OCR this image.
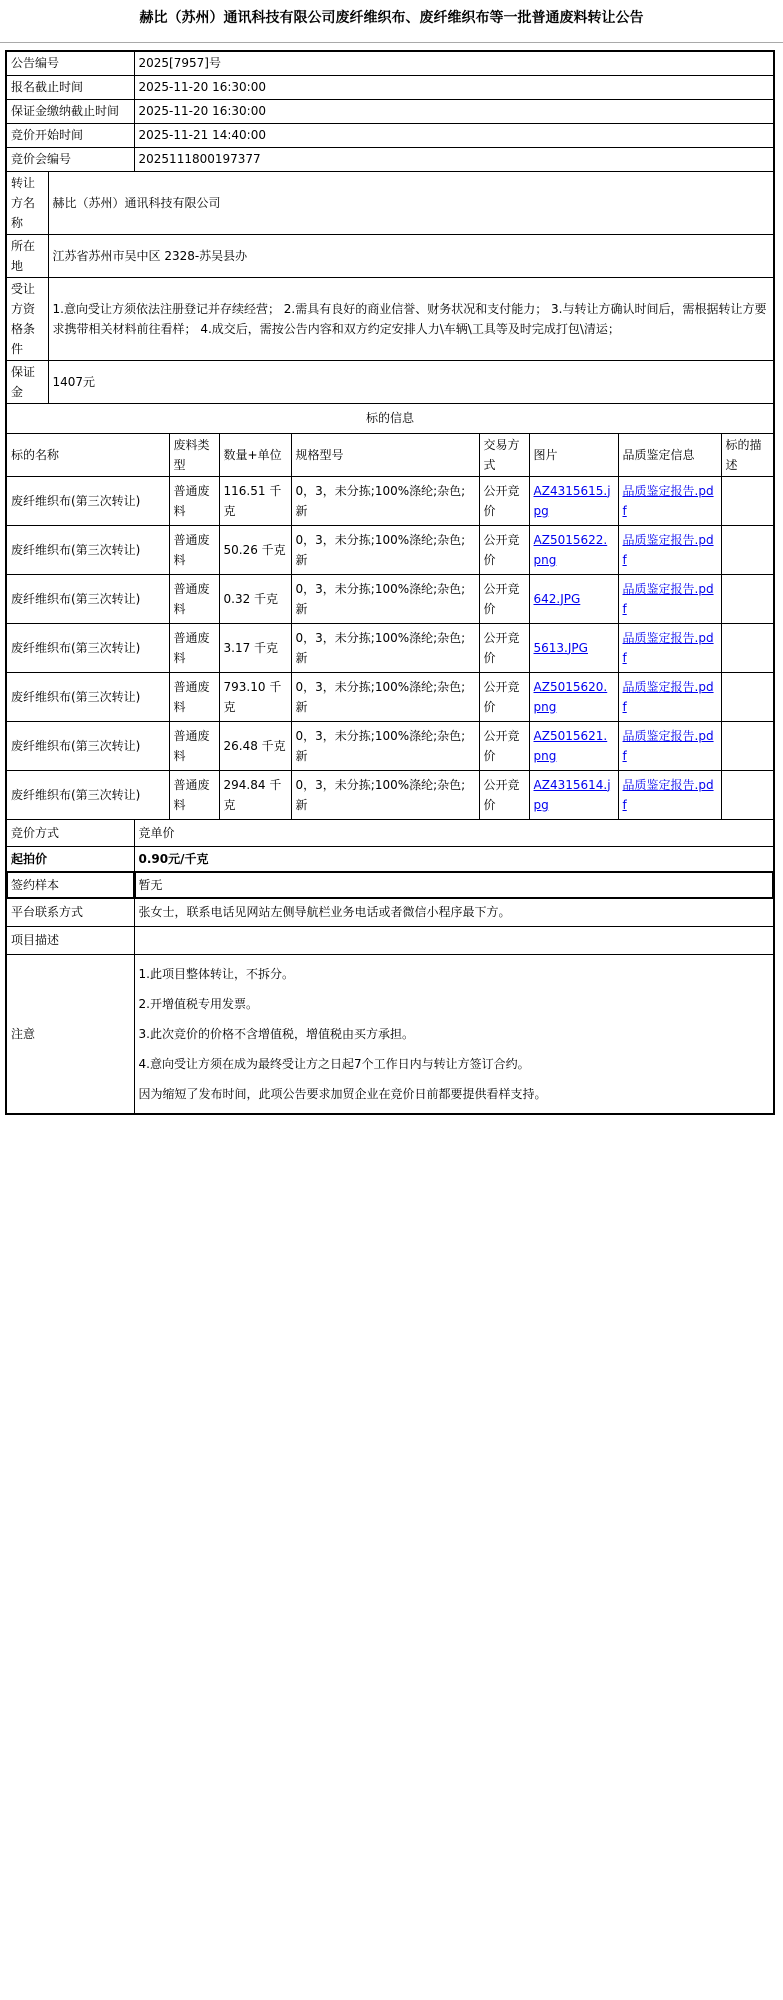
赫比（苏州）通讯科技有限公司废纤维织布、废纤维织布等一批普通废料转让公告
公告编号		2025[7957]号							
报名截止时间		2025-11-20 16:30:00							
保证金缴纳截止时间		2025-11-20 16:30:00							
竞价开始时间		2025-11-21 14:40:00							
竞价会编号		2025111800197377							
转让方名称	赫比（苏州）通讯科技有限公司								
所在地	江苏省苏州市吴中区 2328-苏吴县办								
受让方资格条件	1.意向受让方须依法注册登记并存续经营； 2.需具有良好的商业信誉、财务状况和支付能力； 3.与转让方确认时间后，需根据转让方要求携带相关材料前往看样； 4.成交后，需按公告内容和双方约定安排人力\车辆\工具等及时完成打包\清运；								
保证金	1407元								
标的信息									
标的名称			废料类型	数量+单位	规格型号	交易方式	图片	品质鉴定信息	标的描述
废纤维织布(第三次转让)			普通废料	116.51 千克	0，3，未分拣;100%涤纶;杂色;新	公开竞价	AZ4315615.jpg	品质鉴定报告.pdf	
废纤维织布(第三次转让)			普通废料	50.26 千克	0，3，未分拣;100%涤纶;杂色;新	公开竞价	AZ5015622.png	品质鉴定报告.pdf	
废纤维织布(第三次转让)			普通废料	0.32 千克	0，3，未分拣;100%涤纶;杂色;新	公开竞价	642.JPG	品质鉴定报告.pdf	
废纤维织布(第三次转让)			普通废料	3.17 千克	0，3，未分拣;100%涤纶;杂色;新	公开竞价	5613.JPG	品质鉴定报告.pdf	
废纤维织布(第三次转让)			普通废料	793.10 千克	0，3，未分拣;100%涤纶;杂色;新	公开竞价	AZ5015620.png	品质鉴定报告.pdf	
废纤维织布(第三次转让)			普通废料	26.48 千克	0，3，未分拣;100%涤纶;杂色;新	公开竞价	AZ5015621.png	品质鉴定报告.pdf	
废纤维织布(第三次转让)			普通废料	294.84 千克	0，3，未分拣;100%涤纶;杂色;新	公开竞价	AZ4315614.jpg	品质鉴定报告.pdf	
竞价方式		竞单价							
起拍价		0.90元/千克							
签约样本		暂无							
平台联系方式		张女士，联系电话见网站左侧导航栏业务电话或者微信小程序最下方。							
项目描述									
注意		1.此项目整体转让，不拆分。
2.开增值税专用发票。
3.此次竞价的价格不含增值税，增值税由买方承担。
4.意向受让方须在成为最终受让方之日起7个工作日内与转让方签订合约。
因为缩短了发布时间，此项公告要求加贸企业在竞价日前都要提供看样支持。							
